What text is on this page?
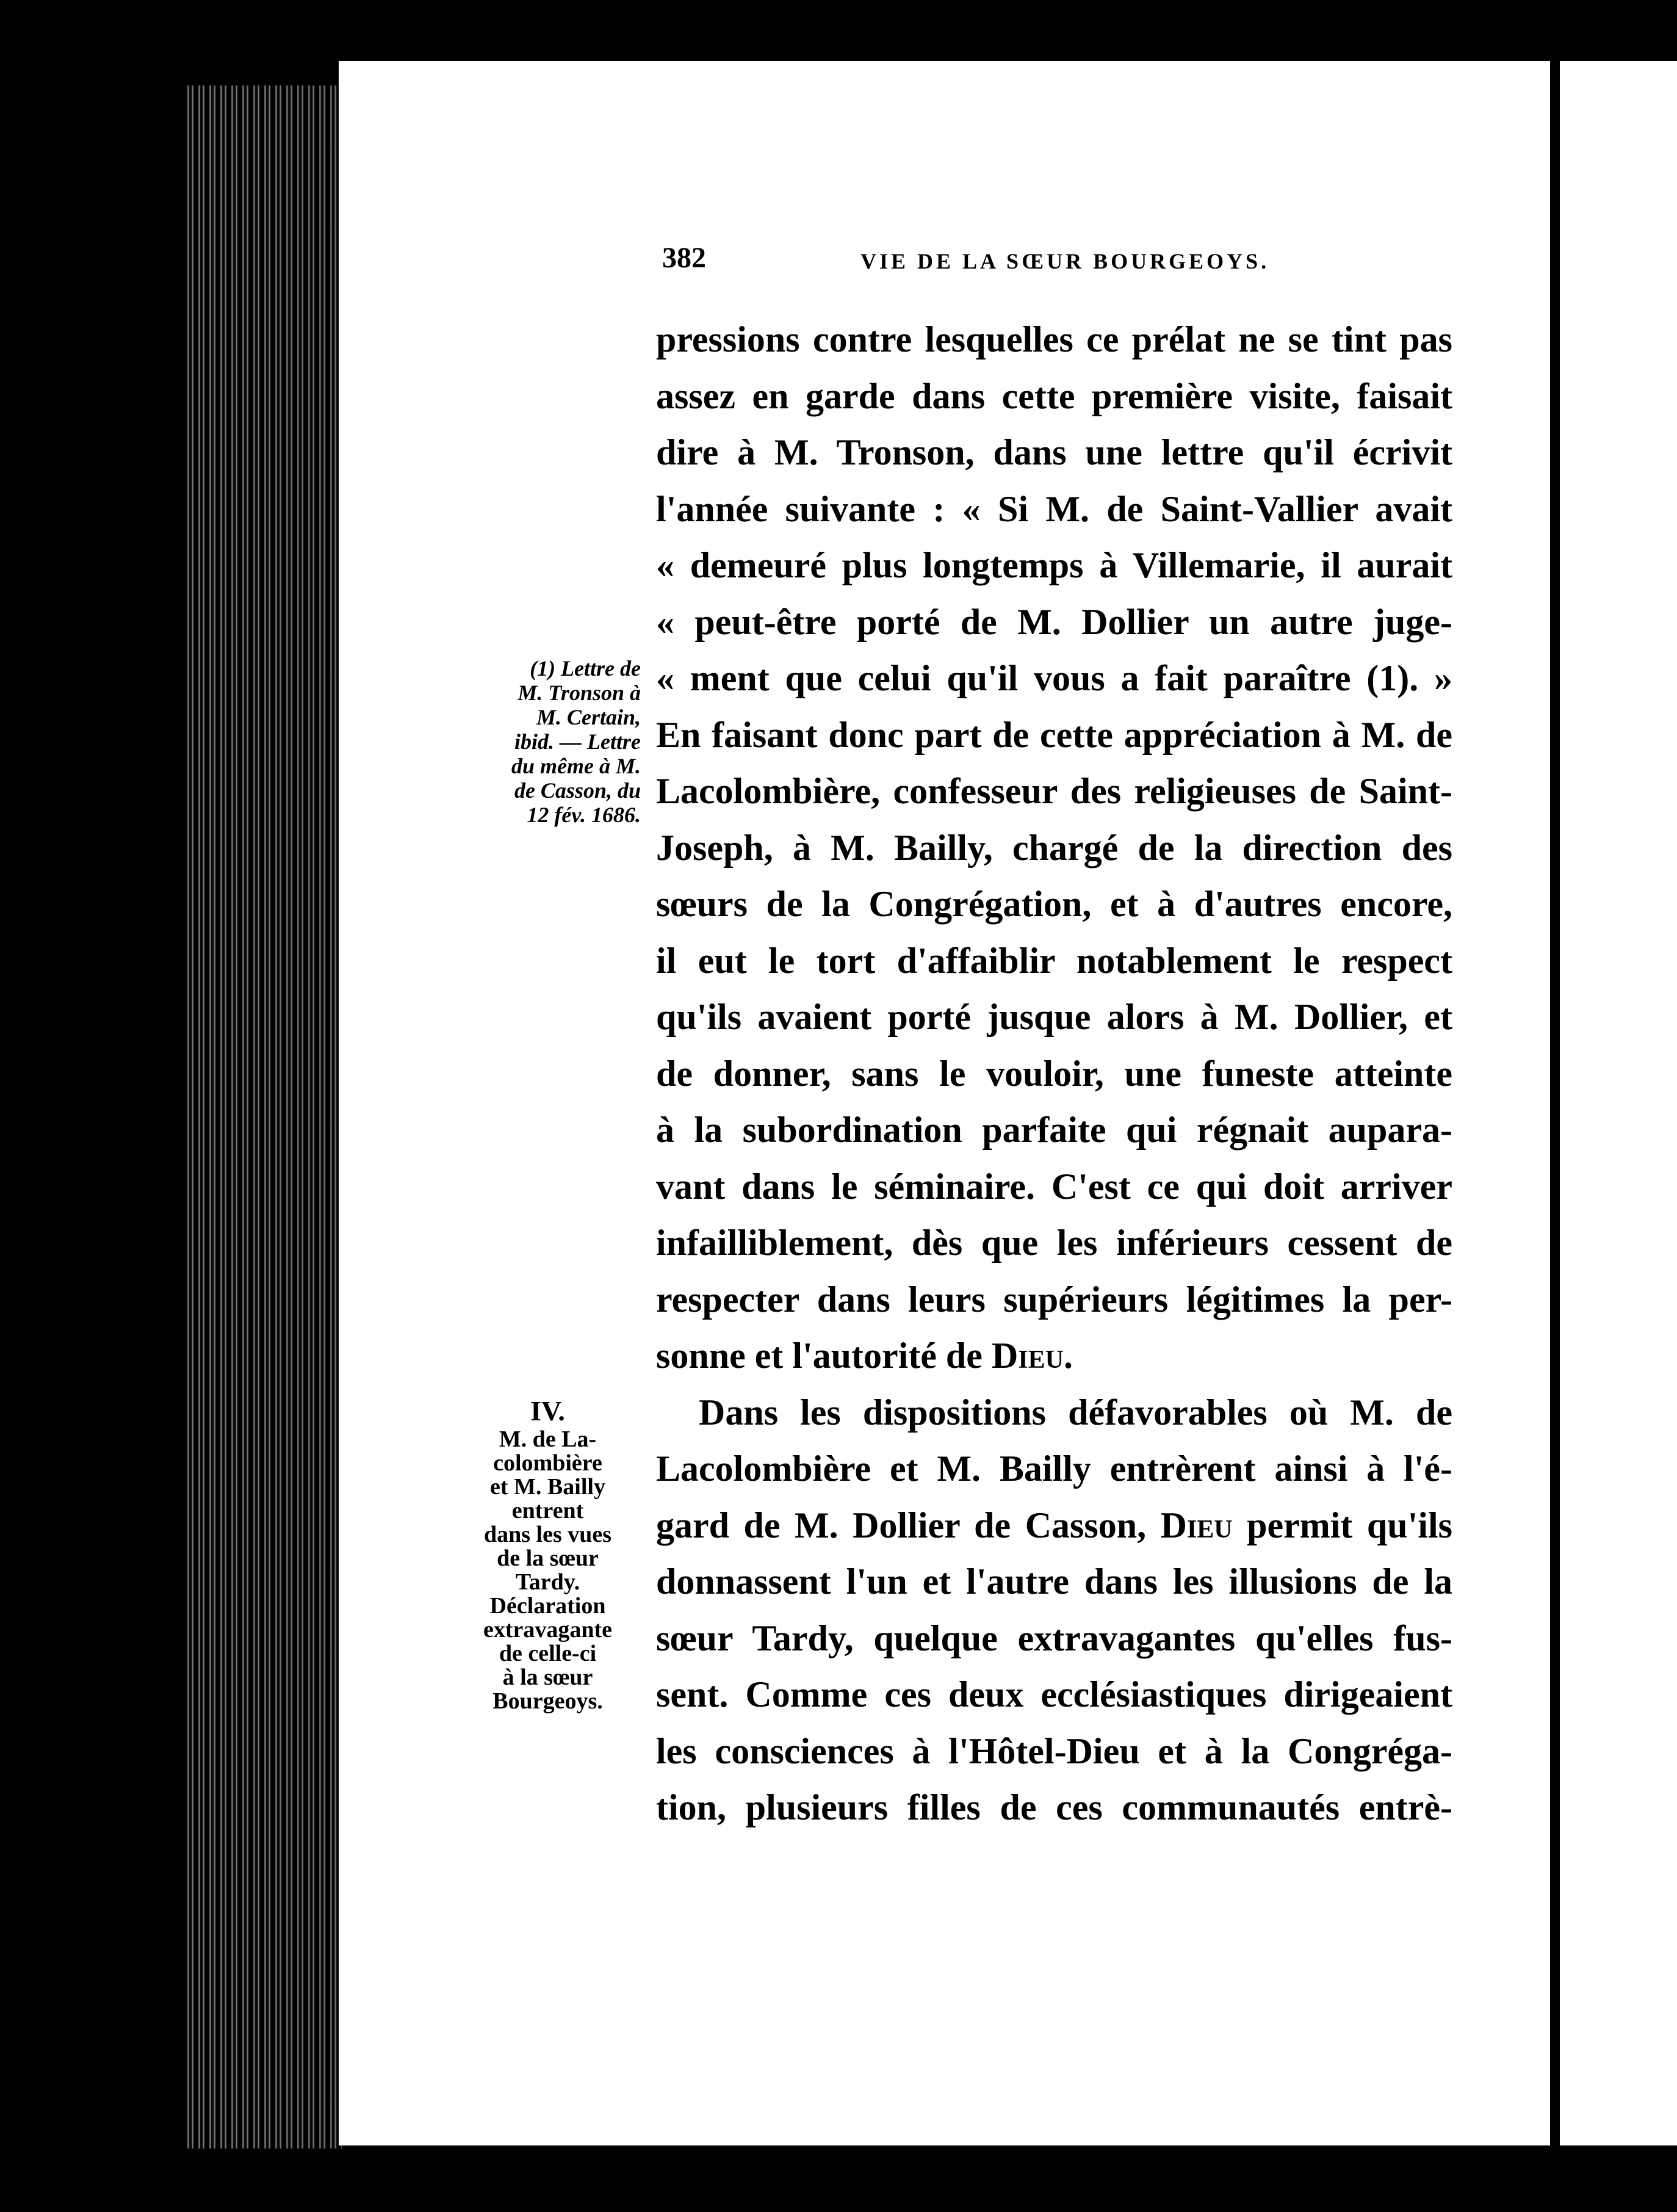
382	VIE DE LA SŒUR BOURGEOYS.
pressions contre lesquelles ce prélat ne se tint pas
assez en garde dans cette première visite, faisait
dire à M. Tronson, dans une lettre qu'il écrivit
l'année suivante : « Si M. de Saint-Vallier avait
« demeuré plus longtemps à Villemarie, il aurait
« peut-être porté de M. Dollier un autre juge-
« ment que celui qu'il vous a fait paraître (1). »
En faisant donc part de cette appréciation à M. de
Lacolombière, confesseur des religieuses de Saint-
Joseph, à M. Bailly, chargé de la direction des
sœurs de la Congrégation, et à d'autres encore,
il eut le tort d'affaiblir notablement le respect
qu'ils avaient porté jusque alors à M. Dollier, et
de donner, sans le vouloir, une funeste atteinte
à la subordination parfaite qui régnait aupara-
vant dans le séminaire. C'est ce qui doit arriver
infailliblement, dès que les inférieurs cessent de
respecter dans leurs supérieurs légitimes la per-
sonne et l'autorité de Dieu.
Dans les dispositions défavorables où M. de
Lacolombière et M. Bailly entrèrent ainsi à l'é-
gard de M. Dollier de Casson, Dieu permit qu'ils
donnassent l'un et l'autre dans les illusions de la
sœur Tardy, quelque extravagantes qu'elles fus-
sent. Comme ces deux ecclésiastiques dirigeaient
les consciences à l'Hôtel-Dieu et à la Congréga-
tion, plusieurs filles de ces communautés entrè-
(1) Lettre de
M. Tronson à
M. Certain,
ibid. — Lettre
du même à M.
de Casson, du
12 fév. 1686.
IV.
M. de La-
colombière
et M. Bailly
entrent
dans les vues
de la sœur
Tardy.
Déclaration
extravagante
de celle-ci
à la sœur
Bourgeoys.
